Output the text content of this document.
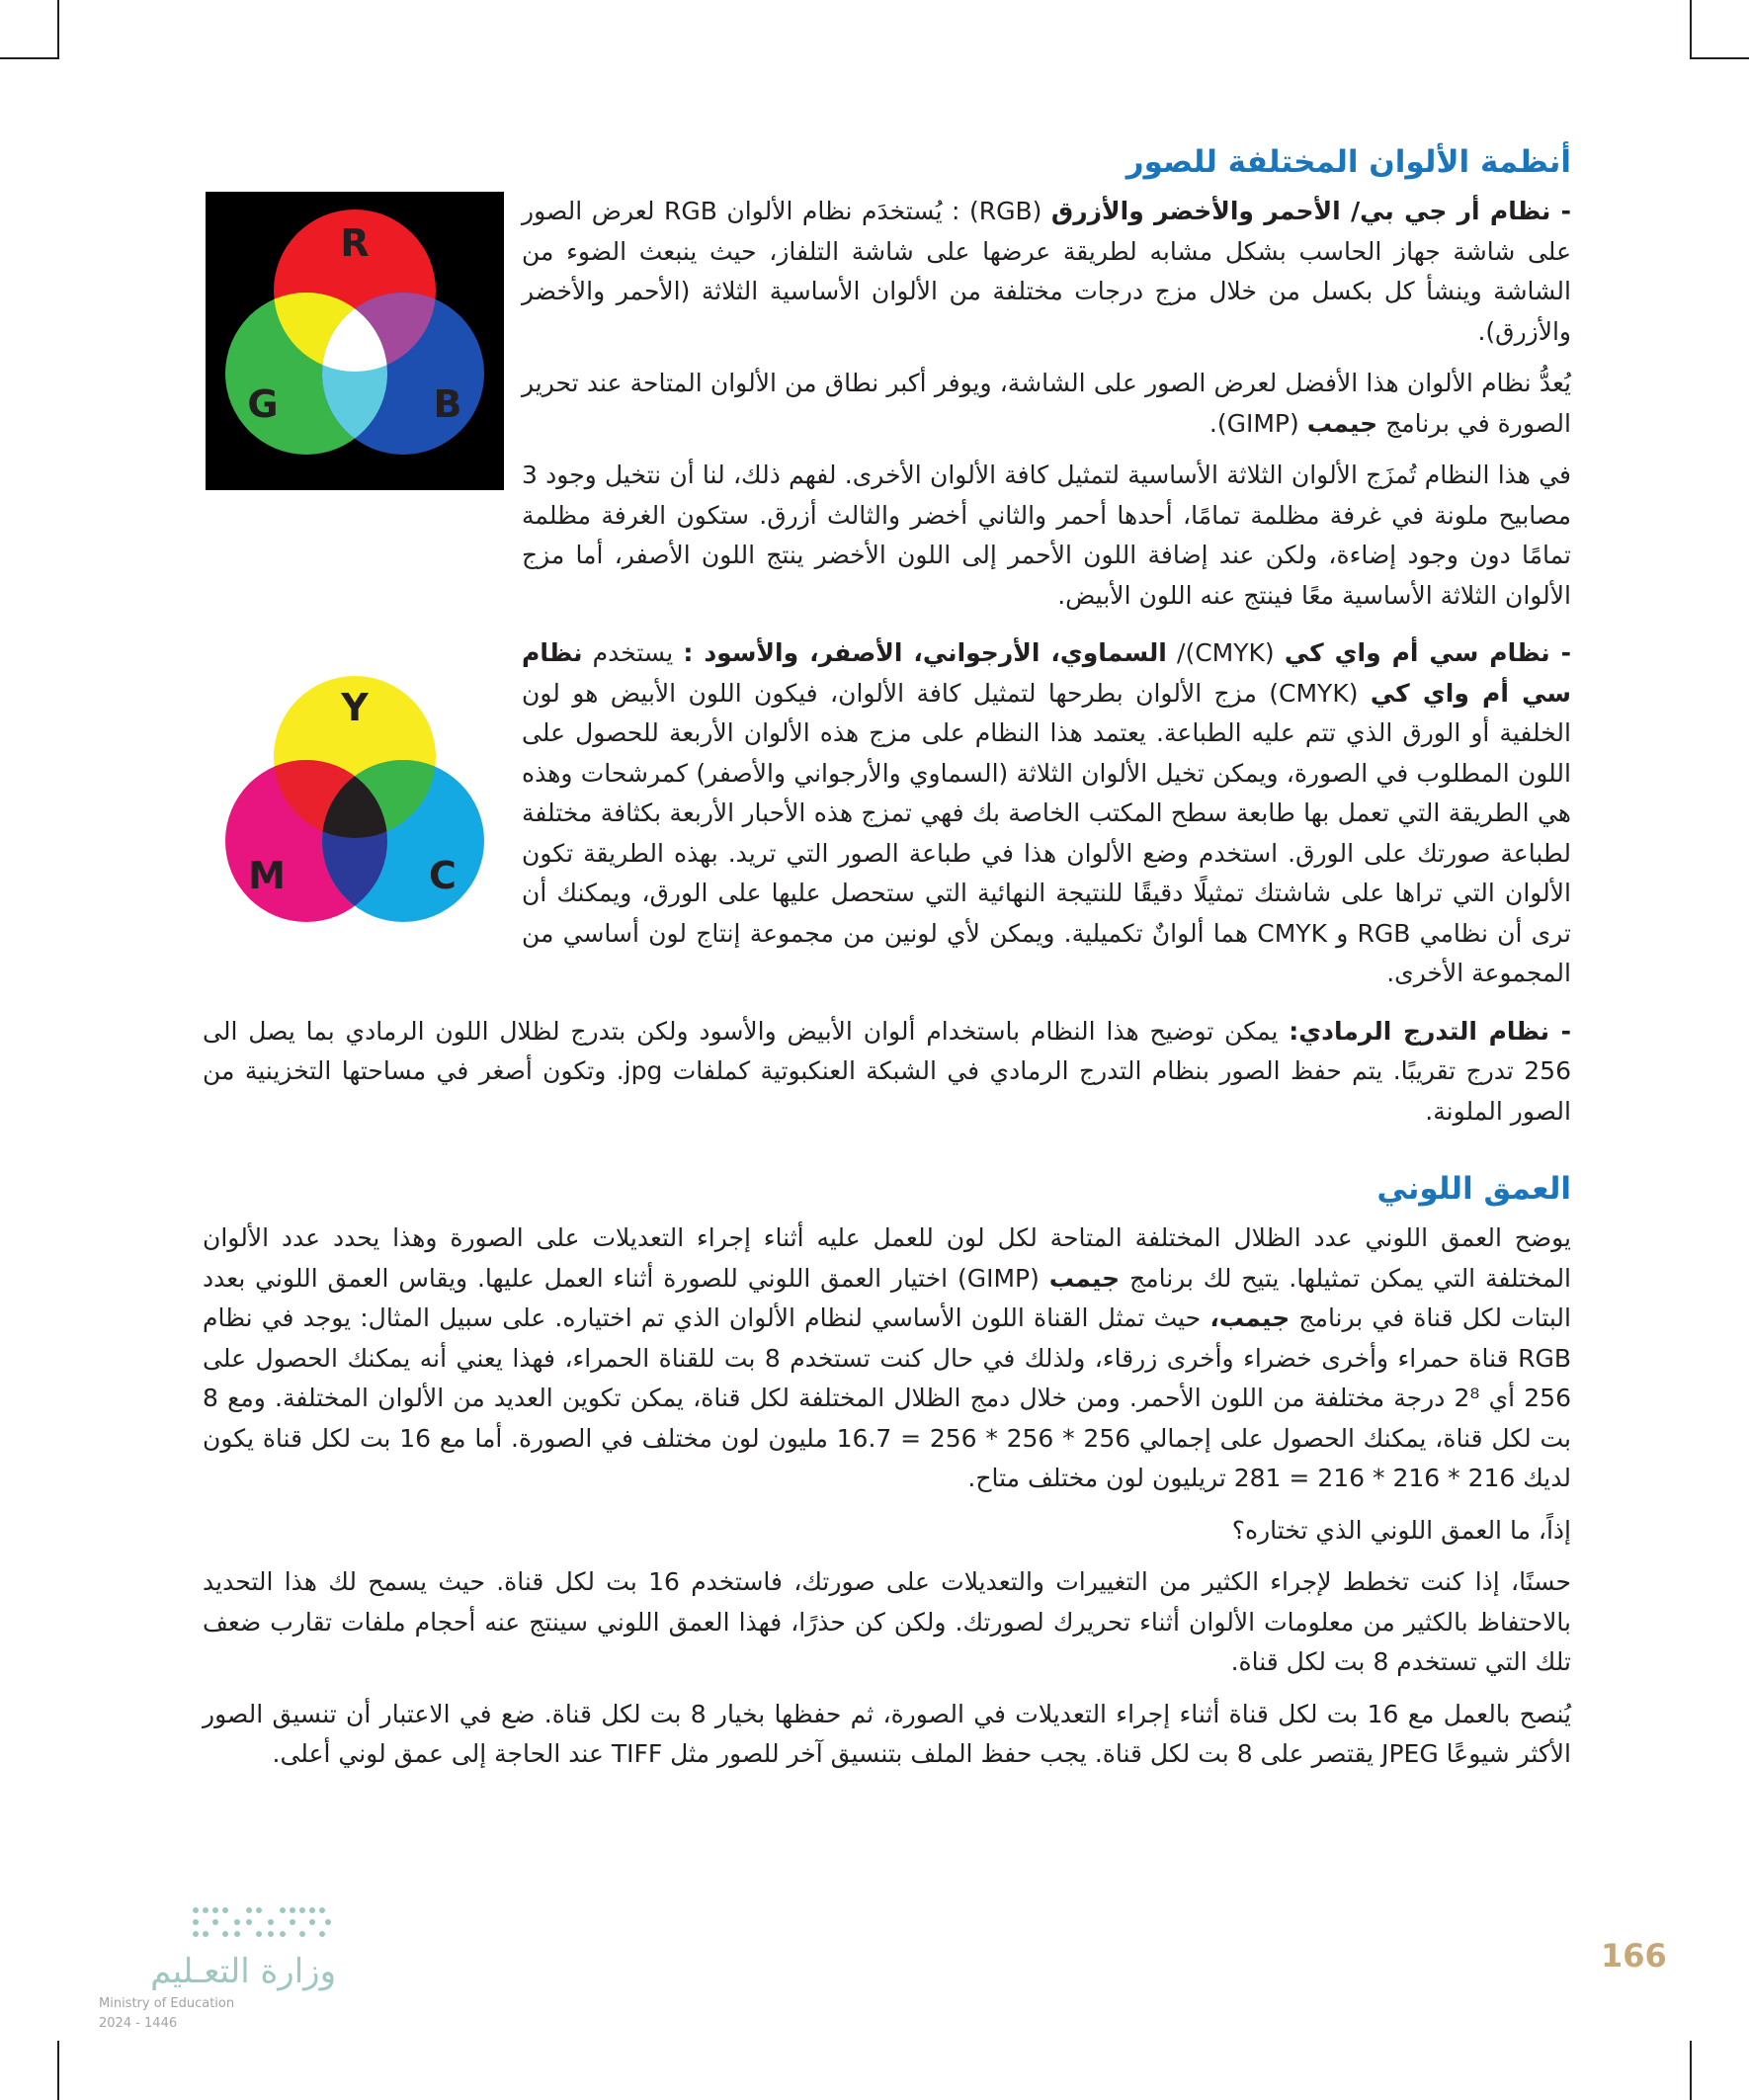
أنظمة الألوان المختلفة للصور

- نظام أر جي بي/ الأحمر والأخضر والأزرق (RGB) : يُستخدَم نظام الألوان RGB لعرض الصور على شاشة جهاز الحاسب بشكل مشابه لطريقة عرضها على شاشة التلفاز، حيث ينبعث الضوء من الشاشة وينشأ كل بكسل من خلال مزج درجات مختلفة من الألوان الأساسية الثلاثة (الأحمر والأخضر والأزرق).

يُعدُّ نظام الألوان هذا الأفضل لعرض الصور على الشاشة، ويوفر أكبر نطاق من الألوان المتاحة عند تحرير الصورة في برنامج جيمب (GIMP).

في هذا النظام تُمزَج الألوان الثلاثة الأساسية لتمثيل كافة الألوان الأخرى. لفهم ذلك، لنا أن نتخيل وجود 3 مصابيح ملونة في غرفة مظلمة تمامًا، أحدها أحمر والثاني أخضر والثالث أزرق. ستكون الغرفة مظلمة تمامًا دون وجود إضاءة، ولكن عند إضافة اللون الأحمر إلى اللون الأخضر ينتج اللون الأصفر، أما مزج الألوان الثلاثة الأساسية معًا فينتج عنه اللون الأبيض.

R
G	B

- نظام سي أم واي كي (CMYK)/ السماوي، الأرجواني، الأصفر، والأسود : يستخدم نظام سي أم واي كي (CMYK) مزج الألوان بطرحها لتمثيل كافة الألوان، فيكون اللون الأبيض هو لون الخلفية أو الورق الذي تتم عليه الطباعة. يعتمد هذا النظام على مزج هذه الألوان الأربعة للحصول على اللون المطلوب في الصورة، ويمكن تخيل الألوان الثلاثة (السماوي والأرجواني والأصفر) كمرشحات وهذه هي الطريقة التي تعمل بها طابعة سطح المكتب الخاصة بك فهي تمزج هذه الأحبار الأربعة بكثافة مختلفة لطباعة صورتك على الورق. استخدم وضع الألوان هذا في طباعة الصور التي تريد. بهذه الطريقة تكون الألوان التي تراها على شاشتك تمثيلًا دقيقًا للنتيجة النهائية التي ستحصل عليها على الورق، ويمكنك أن ترى أن نظامي RGB و CMYK هما ألوانٌ تكميلية. ويمكن لأي لونين من مجموعة إنتاج لون أساسي من المجموعة الأخرى.

Y
M	C

- نظام التدرج الرمادي: يمكن توضيح هذا النظام باستخدام ألوان الأبيض والأسود ولكن بتدرج لظلال اللون الرمادي بما يصل الى 256 تدرج تقريبًا. يتم حفظ الصور بنظام التدرج الرمادي في الشبكة العنكبوتية كملفات jpg. وتكون أصغر في مساحتها التخزينية من الصور الملونة.

العمق اللوني

يوضح العمق اللوني عدد الظلال المختلفة المتاحة لكل لون للعمل عليه أثناء إجراء التعديلات على الصورة وهذا يحدد عدد الألوان المختلفة التي يمكن تمثيلها. يتيح لك برنامج جيمب (GIMP) اختيار العمق اللوني للصورة أثناء العمل عليها. ويقاس العمق اللوني بعدد البتات لكل قناة في برنامج جيمب، حيث تمثل القناة اللون الأساسي لنظام الألوان الذي تم اختياره. على سبيل المثال: يوجد في نظام RGB قناة حمراء وأخرى خضراء وأخرى زرقاء، ولذلك في حال كنت تستخدم 8 بت للقناة الحمراء، فهذا يعني أنه يمكنك الحصول على 256 أي 2⁸ درجة مختلفة من اللون الأحمر. ومن خلال دمج الظلال المختلفة لكل قناة، يمكن تكوين العديد من الألوان المختلفة. ومع 8 بت لكل قناة، يمكنك الحصول على إجمالي 256 * 256 * 256 = 16.7 مليون لون مختلف في الصورة. أما مع 16 بت لكل قناة يكون لديك 216 * 216 * 216 = 281 تريليون لون مختلف متاح.

إذاً، ما العمق اللوني الذي تختاره؟

حسنًا، إذا كنت تخطط لإجراء الكثير من التغييرات والتعديلات على صورتك، فاستخدم 16 بت لكل قناة. حيث يسمح لك هذا التحديد بالاحتفاظ بالكثير من معلومات الألوان أثناء تحريرك لصورتك. ولكن كن حذرًا، فهذا العمق اللوني سينتج عنه أحجام ملفات تقارب ضعف تلك التي تستخدم 8 بت لكل قناة.

يُنصح بالعمل مع 16 بت لكل قناة أثناء إجراء التعديلات في الصورة، ثم حفظها بخيار 8 بت لكل قناة. ضع في الاعتبار أن تنسيق الصور الأكثر شيوعًا JPEG يقتصر على 8 بت لكل قناة. يجب حفظ الملف بتنسيق آخر للصور مثل TIFF عند الحاجة إلى عمق لوني أعلى.

166
وزارة التعـليم
Ministry of Education
2024 - 1446
